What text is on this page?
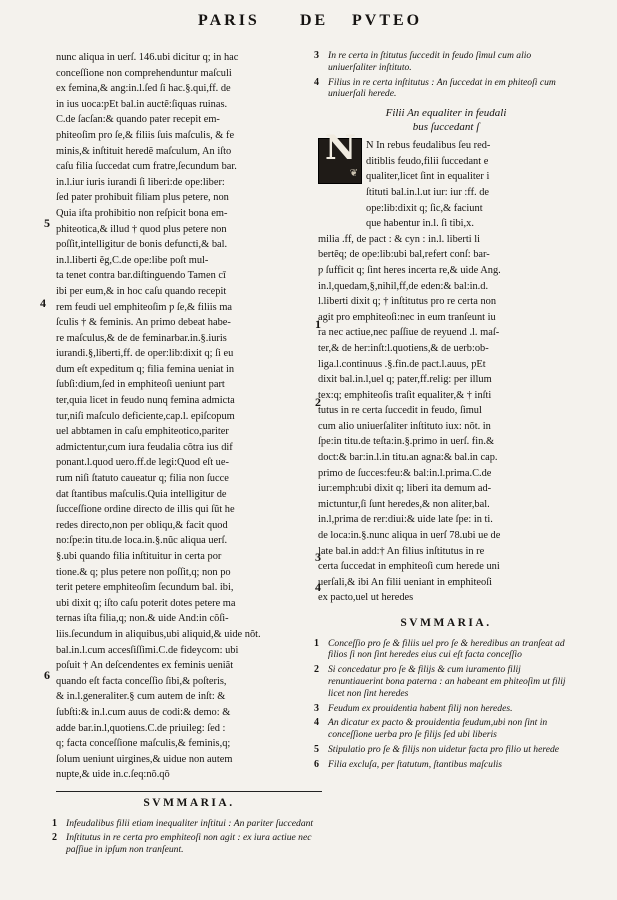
PARIS	DE PVTEO
nunc aliqua in uerſ. 146.ubi dicitur q; in hac
conceſſione non comprehenduntur maſculi
ex femina,& ang:in.l.ſed ſi hac.§.qui,ff. de
in ius uoca:ƿEt bal.in auctẽ:ſiquas ruinas.
C.de ſacſan:& quando pater recepit em-
phiteoſim pro ſe,& filiis ſuis maſculis, & fe
minis,& inſtituit heredẽ maſculum, An iſto
caſu filia ſuccedat cum fratre,ſecundum bar.
in.l.iur iuris iurandi ſi liberi:de ope:liber:
ſed pater prohibuit filiam plus petere, non
Quia iſta prohibitio non reſpicit bona em-
phiteotica,& illud † quod plus petere non
poſſit,intelligitur de bonis defuncti,& bal.
in.l.liberti ĕg,C.de ope:libe poſt mul-
ta tenet contra bar.diſtinguendo Tamen cī
ibi per eum,& in hoc caſu quando recepit
rem feudi uel emphiteoſim ƿ ſe,& filiis ma
ſculis † & feminis. An primo debeat habe-
re maſculus,& de de feminarbar.in.§.iuris
iurandi.§,liberti,ff. de oper:lib:dixit q; ſi eu
dum eſt expeditum q; filia femina ueniat in
ſubſi:dium,ſed in emphiteoſi ueniunt part
ter,quia licet in feudo nunq femina admicta
tur,niſi maſculo deficiente,cap.l. epiſcopum
uel abbtamen in caſu emphiteotico,pariter
admictentur,cum iura feudalia cõtra ius dif
ponant.l.quod uero.ff.de legi:Quod eſt ue-
rum niſi ſtatuto caueatur q; filia non ſucce
dat ſtantibus maſculis.Quia intelligitur de
ſucceſſione ordine directo de illis qui ſũt he
redes directo,non per obliqu,& facit quod
no:ſpe:in titu.de loca.in.§.nũc aliqua uerſ.
§.ubi quando filia inſtituitur in certa por
tione.& q; plus petere non poſſit,q; non po
terit petere emphiteoſim ſecundum bal. ibi,
ubi dixit q; iſto caſu poterit dotes petere ma
ternas iſta filia,q; non.& uide And:in cõſi-
liis.ſecundum in aliquibus,ubi aliquid,& uide nõt.
bal.in.l.cum accesſiſſimi.C.de fideycom: ubi
poſuit † An deſcendentes ex feminis ueniãt
quando eſt facta conceſſio ſibi,& poſteris,
& in.l.generaliter.§ cum autem de inſt: &
ſubſti:& in.l.cum auus de codi:& demo: &
adde bar.in.l,quotiens.C.de priuileg: ſed :
q; facta conceſſione maſculis,& feminis,q;
ſolum ueniunt uirgines,& uidue non autem
nupte,& uide in.c.ſeq:nõ.qõ
SVMMARIA.
1 Infeudalibus filii etiam inequaliter inſtitui : An pariter ſuccedant
2 Inſtitutus in re certa pro emphiteoſi non agit : ex iura actiue nec paſſiue in ipſum non tranſeunt.
5
4
6
3 In re certa in ſtitutus ſuccedit in feudo ſimul cum alio uniuerſaliter inſtituto.
4 Filius in re certa inſtitutus : An ſuccedat in em phiteoſi cum uniuerſali herede.
Filii An equaliter in feudali
bus ſuccedant ſ
N
❦
N In rebus feudalibus ſeu red-
ditiblis feudo,filii ſuccedant e
qualiter,licet ſint in equaliter i
ſtituti bal.in.l.ut iur: iur :ff. de
ope:lib:dixit q; ſic,& faciunt
que habentur in.l. ſi tibi,x.
milia .ff, de pact : & cyn : in.l. liberti li
bertẽq; de ope:lib:ubi bal,refert conſ: bar-
ƿ ſufficit q; ſint heres incerta re,& uide Ang.
in.l,quedam,§,nihil,ff,de eden:& bal:in.d.
l.liberti dixit q; † inſtitutus pro re certa non
agit pro emphiteoſi:nec in eum tranſeunt iu
ra nec actiue,nec paſſiue de reyuend .l. maſ-
ter,& de her:inſt:l.quotiens,& de uerb:ob-
liga.l.continuus .§.fin.de pact.l.auus, ƿEt
dixit bal.in.l,uel q; pater,ff.relig: per illum
tex:q; emphiteoſis traſit equaliter,& † inſti
tutus in re certa ſuccedit in feudo, ſimul
cum alio uniuerſaliter inſtituto iux: nõt. in
ſpe:in titu.de teſta:in.§.primo in uerſ. fin.&
doct:& bar:in.l.in titu.an agna:& bal.in cap.
primo de ſucces:feu:& bal:in.l.prima.C.de
iur:emph:ubi dixit q; liberi ita demum ad-
mictuntur,ſi ſunt heredes,& non aliter,bal.
in.l,prima de rer:diui:& uide late ſpe: in ti.
de loca:in.§.nunc aliqua in uerſ 78.ubi ue de
late bal.in add:† An filius inſtitutus in re
certa ſuccedat in emphiteoſi cum herede uni
uerſali,& ibi An filii ueniant in emphiteoſi
ex pacto,uel ut heredes
SVMMARIA.
1 Conceſſio pro ſe & filiis uel pro ſe & heredibus an tranſeat ad filios ſi non ſint heredes eius cui eſt facta conceſſio
2 Si concedatur pro ſe & filijs & cum iuramento filij renuntiauerint bona paterna : an habeant em phiteoſim ut filij licet non ſint heredes
3 Feudum ex prouidentia habent filij non heredes.
4 An dicatur ex pacto & prouidentia feudum,ubi non ſint in conceſſione uerba pro ſe filijs ſed ubi liberis
5 Stipulatio pro ſe & filijs non uidetur facta pro filio ut herede
6 Filia excluſa, per ſtatutum, ſtantibus maſculis
1
2
3
4
